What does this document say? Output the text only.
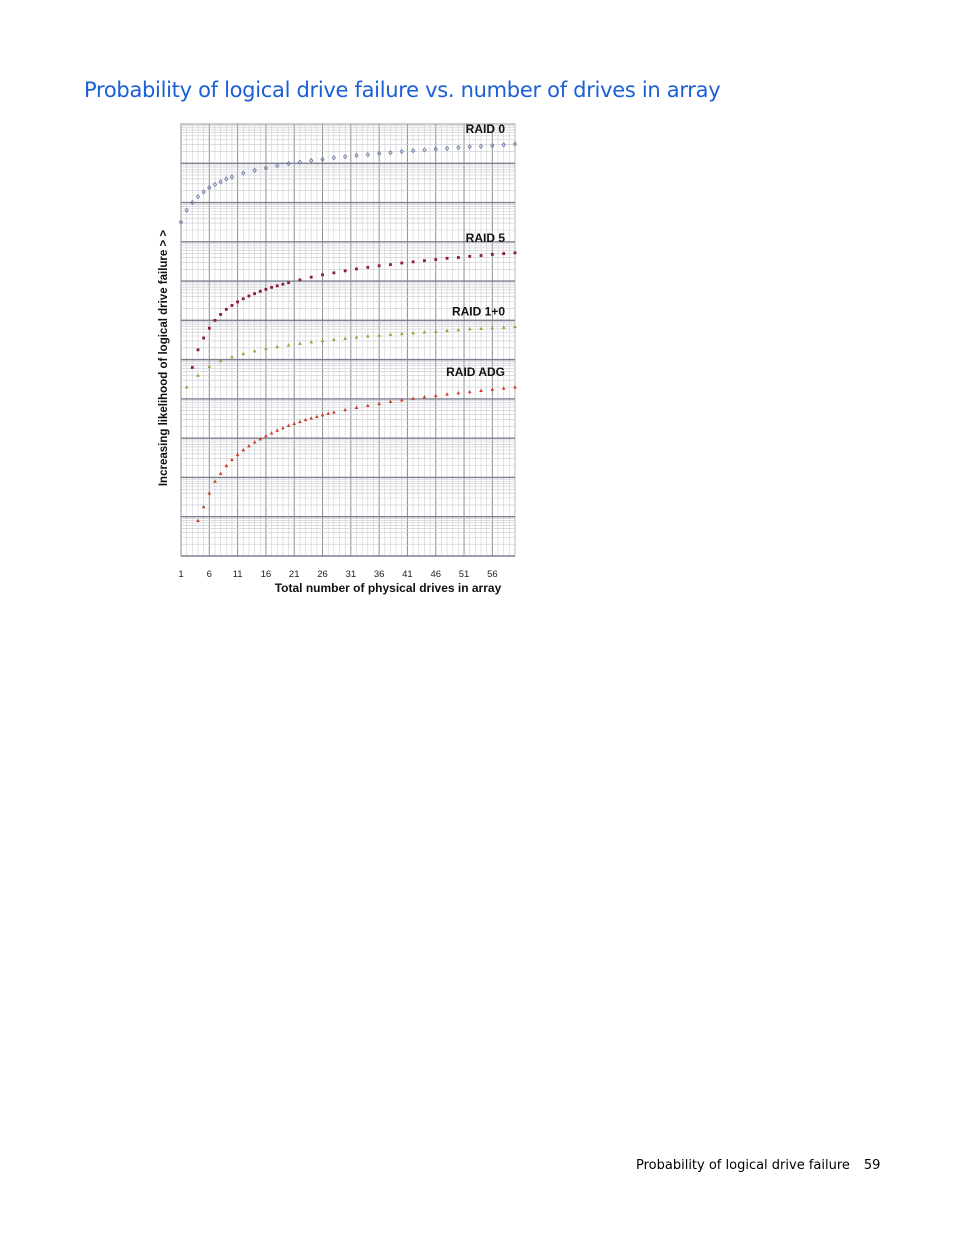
Probability of logical drive failure vs. number of drives in array
1 6 11 16 21 26 31 36 41 46 51 56
RAID 0
RAID 5
RAID 1+0
RAID ADG
Increasing likelihood of logical drive failure > >
Total number of physical drives in array
Probability of logical drive failure 59
